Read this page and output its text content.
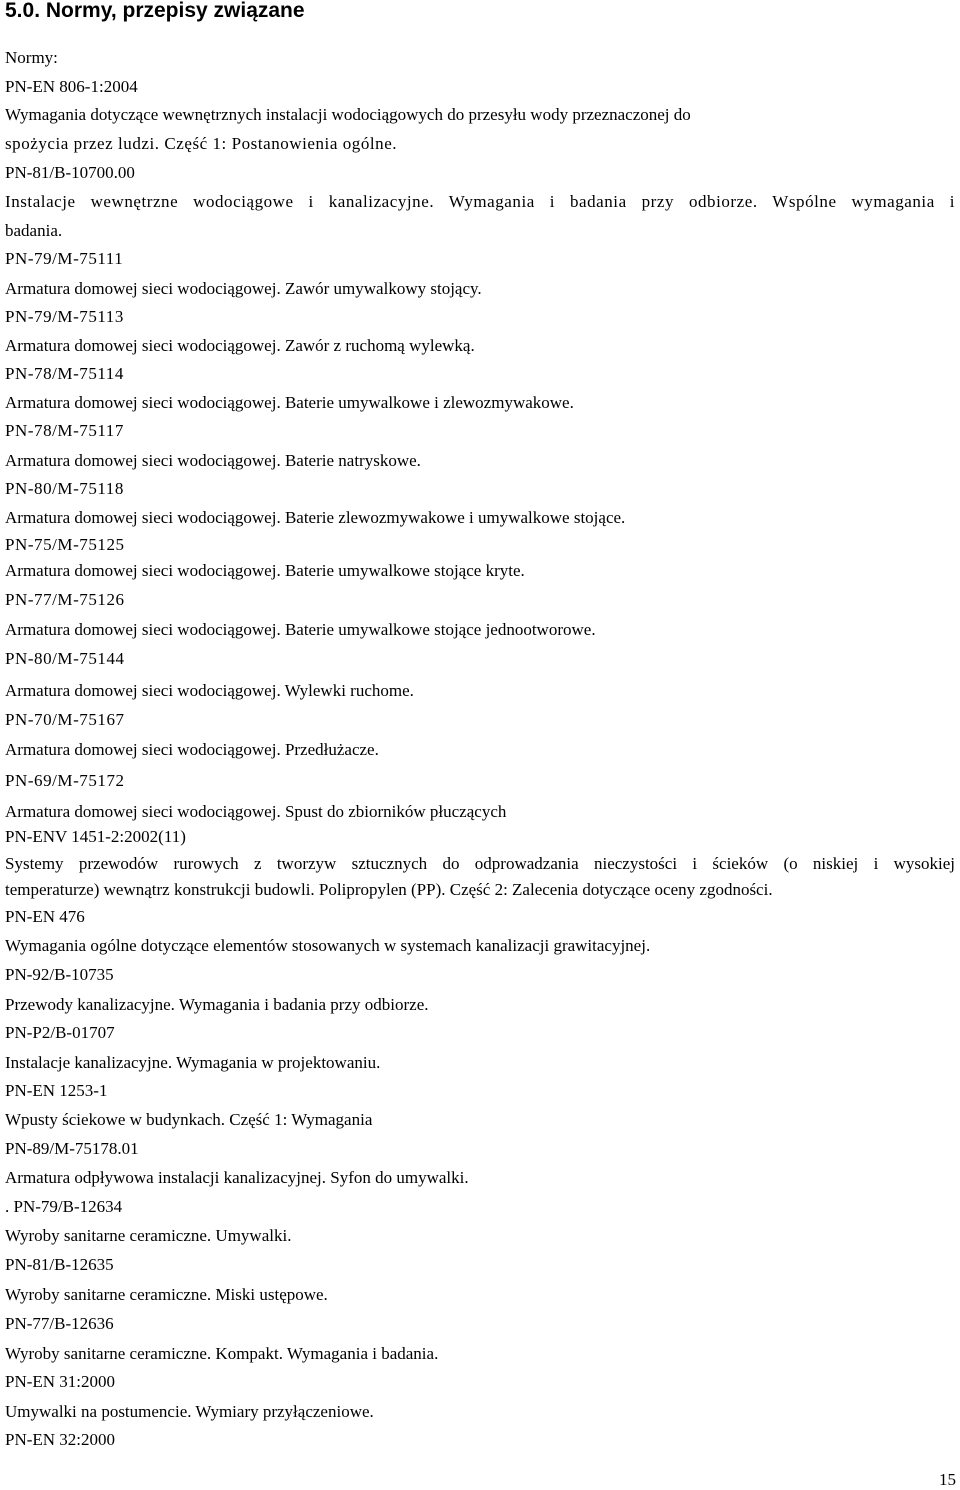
5.0. Normy, przepisy związane
Normy:
PN-EN 806-1:2004
Wymagania dotyczące wewnętrznych instalacji wodociągowych do przesyłu wody przeznaczonej do
spożycia przez ludzi. Część 1: Postanowienia ogólne.
PN-81/B-10700.00
Instalacje wewnętrzne wodociągowe i kanalizacyjne. Wymagania i badania przy odbiorze. Wspólne wymagania i
badania.
PN-79/M-75111
Armatura domowej sieci wodociągowej. Zawór umywalkowy stojący.
PN-79/M-75113
Armatura domowej sieci wodociągowej. Zawór z ruchomą wylewką.
PN-78/M-75114
Armatura domowej sieci wodociągowej. Baterie umywalkowe i zlewozmywakowe.
PN-78/M-75117
Armatura domowej sieci wodociągowej. Baterie natryskowe.
PN-80/M-75118
Armatura domowej sieci wodociągowej. Baterie zlewozmywakowe i umywalkowe stojące.
PN-75/M-75125
Armatura domowej sieci wodociągowej. Baterie umywalkowe stojące kryte.
PN-77/M-75126
Armatura domowej sieci wodociągowej. Baterie umywalkowe stojące jednootworowe.
PN-80/M-75144
Armatura domowej sieci wodociągowej. Wylewki ruchome.
PN-70/M-75167
Armatura domowej sieci wodociągowej. Przedłużacze.
PN-69/M-75172
Armatura domowej sieci wodociągowej. Spust do zbiorników płuczących
PN-ENV 1451-2:2002(11)
Systemy przewodów rurowych z tworzyw sztucznych do odprowadzania nieczystości i ścieków (o niskiej i wysokiej
temperaturze) wewnątrz konstrukcji budowli. Polipropylen (PP). Część 2: Zalecenia dotyczące oceny zgodności.
PN-EN 476
Wymagania ogólne dotyczące elementów stosowanych w systemach kanalizacji grawitacyjnej.
PN-92/B-10735
Przewody kanalizacyjne. Wymagania i badania przy odbiorze.
PN-P2/B-01707
Instalacje kanalizacyjne. Wymagania w projektowaniu.
PN-EN 1253-1
Wpusty ściekowe w budynkach. Część 1: Wymagania
PN-89/M-75178.01
Armatura odpływowa instalacji kanalizacyjnej. Syfon do umywalki.
. PN-79/B-12634
Wyroby sanitarne ceramiczne. Umywalki.
PN-81/B-12635
Wyroby sanitarne ceramiczne. Miski ustępowe.
PN-77/B-12636
Wyroby sanitarne ceramiczne. Kompakt. Wymagania i badania.
PN-EN 31:2000
Umywalki na postumencie. Wymiary przyłączeniowe.
PN-EN 32:2000
15
